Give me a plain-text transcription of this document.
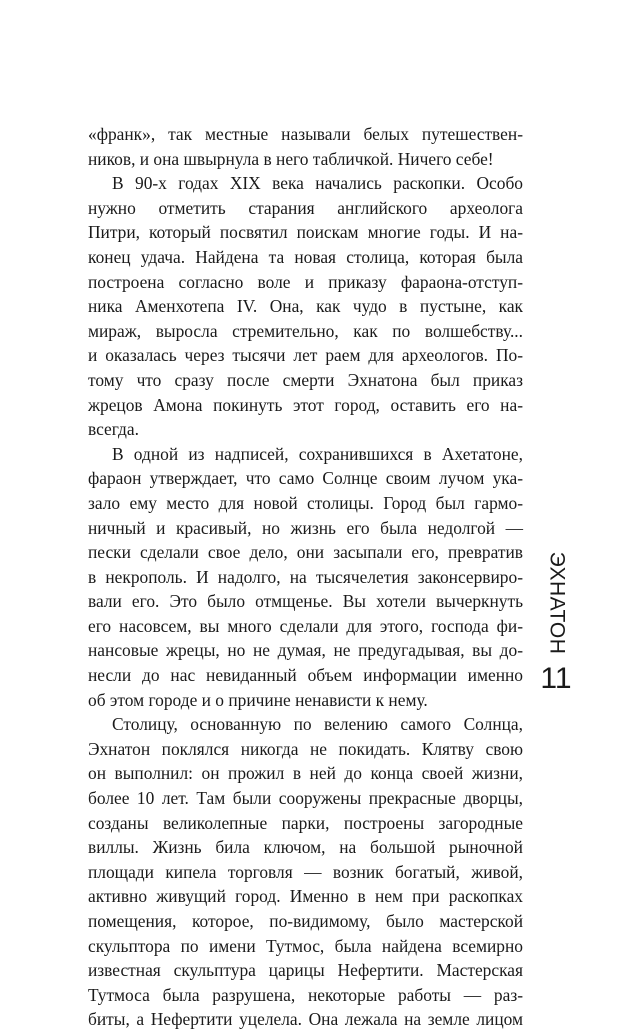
«франк», так местные называли белых путешествен-
ников, и она швырнула в него табличкой. Ничего себе!
В 90-х годах XIX века начались раскопки. Особо
нужно отметить старания английского археолога
Питри, который посвятил поискам многие годы. И на-
конец удача. Найдена та новая столица, которая была
построена согласно воле и приказу фараона-отступ-
ника Аменхотепа IV. Она, как чудо в пустыне, как
мираж, выросла стремительно, как по волшебству...
и оказалась через тысячи лет раем для археологов. По-
тому что сразу после смерти Эхнатона был приказ
жрецов Амона покинуть этот город, оставить его на-
всегда.
В одной из надписей, сохранившихся в Ахетатоне,
фараон утверждает, что само Солнце своим лучом ука-
зало ему место для новой столицы. Город был гармо-
ничный и красивый, но жизнь его была недолгой —
пески сделали свое дело, они засыпали его, превратив
в некрополь. И надолго, на тысячелетия законсервиро-
вали его. Это было отмщенье. Вы хотели вычеркнуть
его насовсем, вы много сделали для этого, господа фи-
нансовые жрецы, но не думая, не предугадывая, вы до-
несли до нас невиданный объем информации именно
об этом городе и о причине ненависти к нему.
Столицу, основанную по велению самого Солнца,
Эхнатон поклялся никогда не покидать. Клятву свою
он выполнил: он прожил в ней до конца своей жизни,
более 10 лет. Там были сооружены прекрасные дворцы,
созданы великолепные парки, построены загородные
виллы. Жизнь била ключом, на большой рыночной
площади кипела торговля — возник богатый, живой,
активно живущий город. Именно в нем при раскопках
помещения, которое, по-видимому, было мастерской
скульптора по имени Тутмос, была найдена всемирно
известная скульптура царицы Нефертити. Мастерская
Тутмоса была разрушена, некоторые работы — раз-
биты, а Нефертити уцелела. Она лежала на земле лицом
ЭХНАТОН
11
